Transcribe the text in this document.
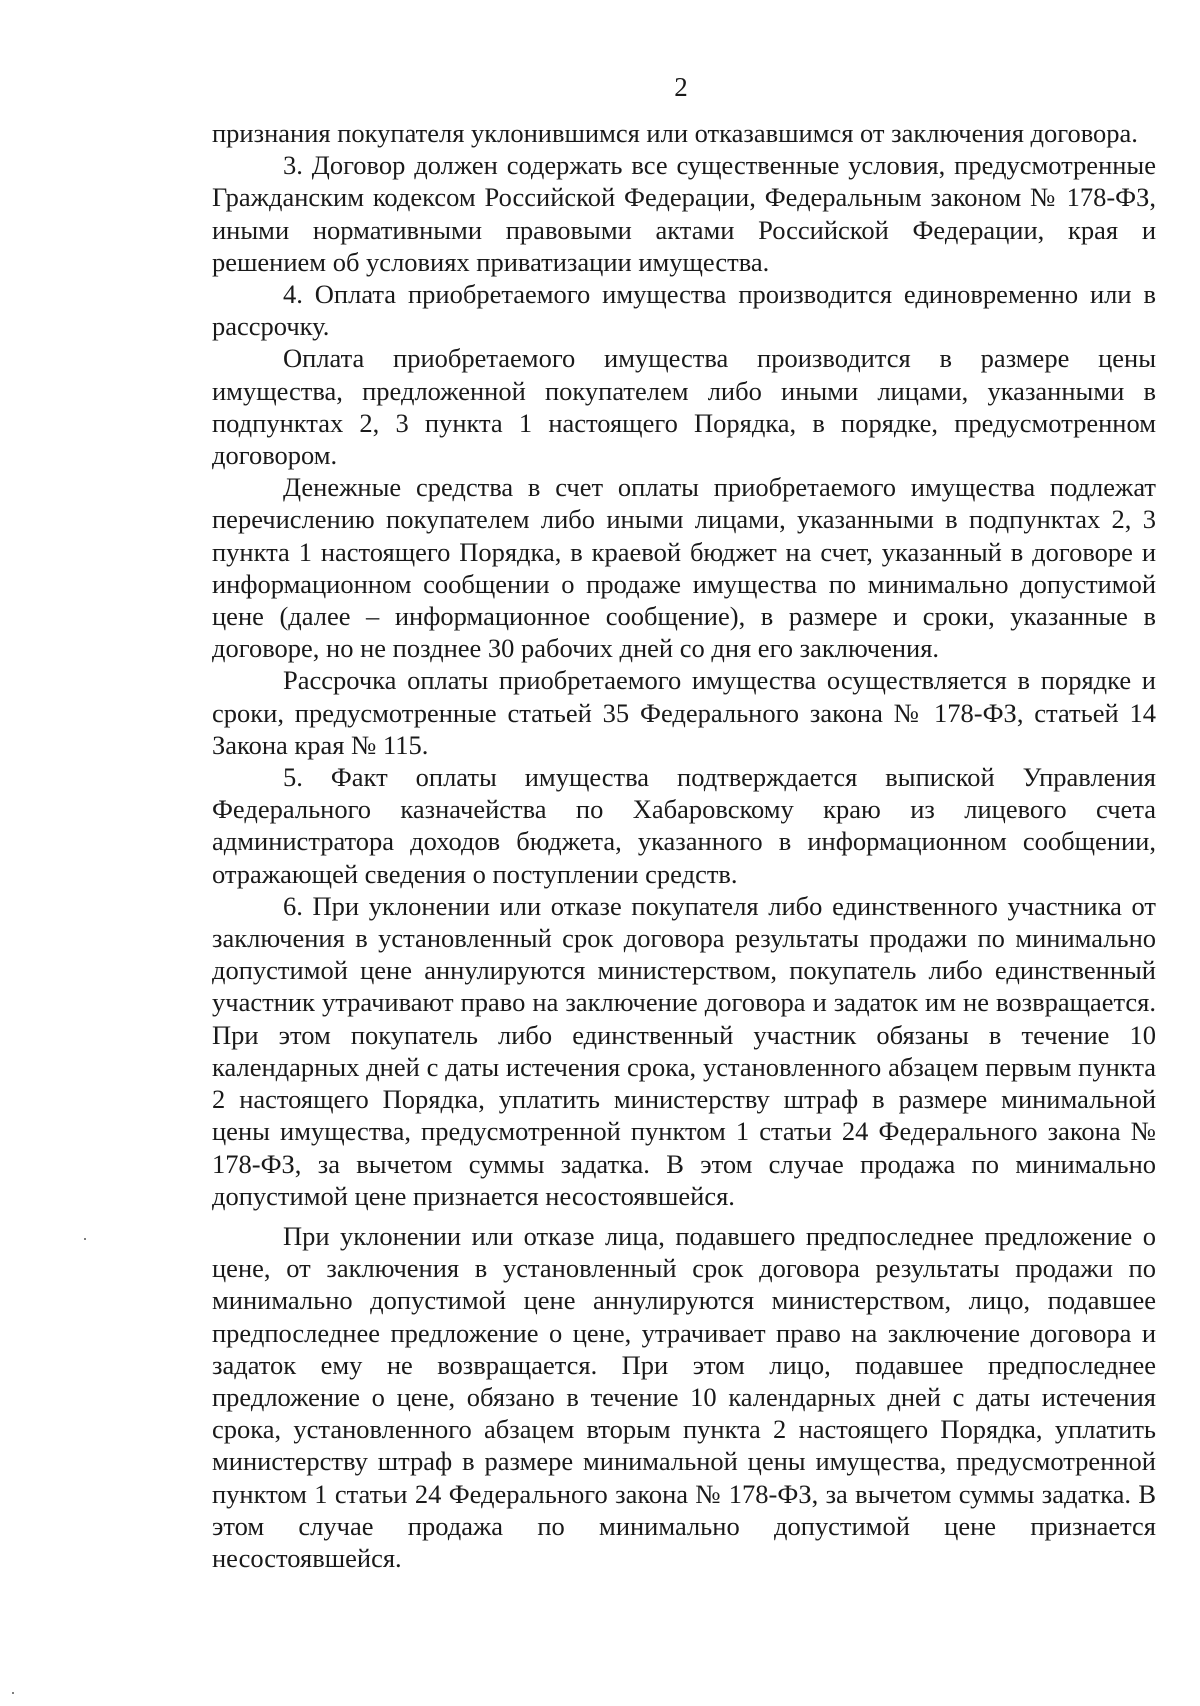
2

признания покупателя уклонившимся или отказавшимся от заключения договора.

3. Договор должен содержать все существенные условия, предусмотренные Гражданским кодексом Российской Федерации, Федеральным законом № 178-ФЗ, иными нормативными правовыми актами Российской Федерации, края и решением об условиях приватизации имущества.

4. Оплата приобретаемого имущества производится единовременно или в рассрочку.

Оплата приобретаемого имущества производится в размере цены имущества, предложенной покупателем либо иными лицами, указанными в подпунктах 2, 3 пункта 1 настоящего Порядка, в порядке, предусмотренном договором.

Денежные средства в счет оплаты приобретаемого имущества подлежат перечислению покупателем либо иными лицами, указанными в подпунктах 2, 3 пункта 1 настоящего Порядка, в краевой бюджет на счет, указанный в договоре и информационном сообщении о продаже имущества по минимально допустимой цене (далее – информационное сообщение), в размере и сроки, указанные в договоре, но не позднее 30 рабочих дней со дня его заключения.

Рассрочка оплаты приобретаемого имущества осуществляется в порядке и сроки, предусмотренные статьей 35 Федерального закона № 178-ФЗ, статьей 14 Закона края № 115.

5. Факт оплаты имущества подтверждается выпиской Управления Федерального казначейства по Хабаровскому краю из лицевого счета администратора доходов бюджета, указанного в информационном сообщении, отражающей сведения о поступлении средств.

6. При уклонении или отказе покупателя либо единственного участника от заключения в установленный срок договора результаты продажи по минимально допустимой цене аннулируются министерством, покупатель либо единственный участник утрачивают право на заключение договора и задаток им не возвращается. При этом покупатель либо единственный участник обязаны в течение 10 календарных дней с даты истечения срока, установленного абзацем первым пункта 2 настоящего Порядка, уплатить министерству штраф в размере минимальной цены имущества, предусмотренной пунктом 1 статьи 24 Федерального закона № 178-ФЗ, за вычетом суммы задатка. В этом случае продажа по минимально допустимой цене признается несостоявшейся.

При уклонении или отказе лица, подавшего предпоследнее предложение о цене, от заключения в установленный срок договора результаты продажи по минимально допустимой цене аннулируются министерством, лицо, подавшее предпоследнее предложение о цене, утрачивает право на заключение договора и задаток ему не возвращается. При этом лицо, подавшее предпоследнее предложение о цене, обязано в течение 10 календарных дней с даты истечения срока, установленного абзацем вторым пункта 2 настоящего Порядка, уплатить министерству штраф в размере минимальной цены имущества, предусмотренной пунктом 1 статьи 24 Федерального закона № 178-ФЗ, за вычетом суммы задатка. В этом случае продажа по минимально допустимой цене признается несостоявшейся.
